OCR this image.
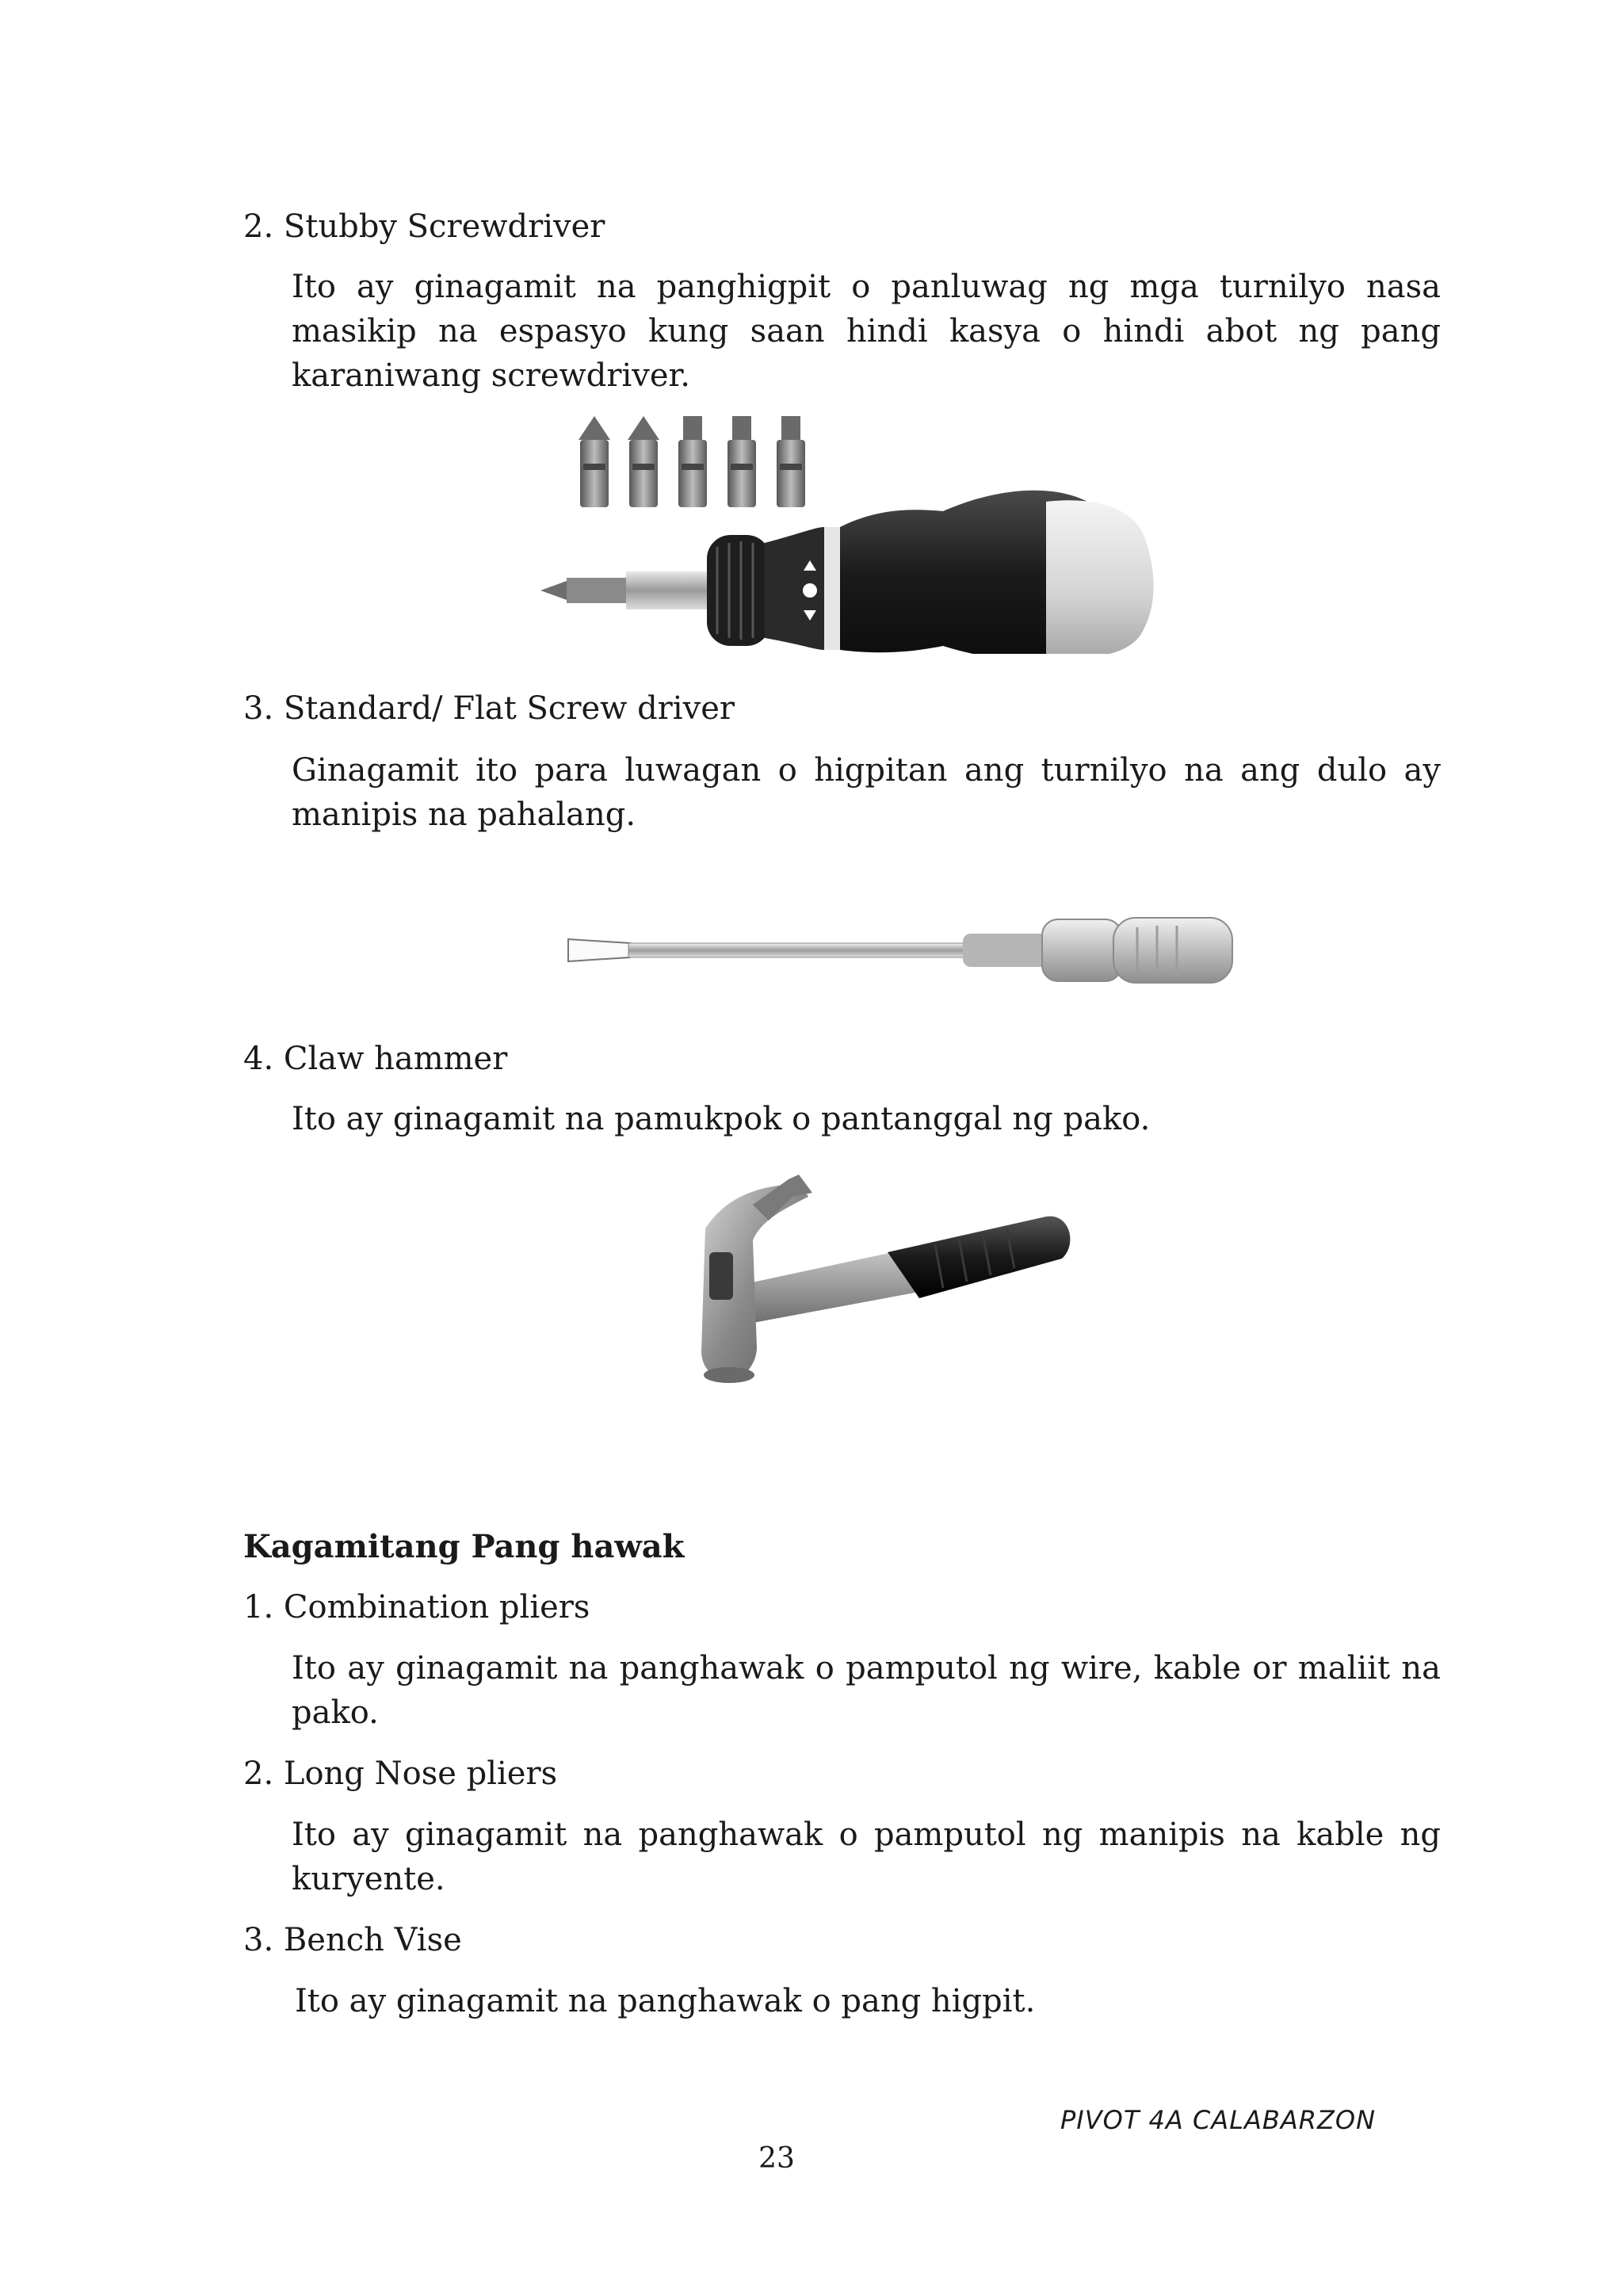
2. Stubby Screwdriver
Ito ay ginagamit na panghigpit o panluwag ng mga turnilyo nasa masikip na espasyo kung saan hindi kasya o hindi abot ng pang karaniwang screwdriver.
3. Standard/ Flat Screw driver
Ginagamit ito para luwagan o higpitan ang turnilyo na ang dulo ay manipis na pahalang.
4. Claw hammer
Ito ay ginagamit na pamukpok o pantanggal ng pako.
Kagamitang Pang hawak
1. Combination pliers
Ito ay ginagamit na panghawak o pamputol ng wire, kable or maliit na pako.
2. Long Nose pliers
Ito ay ginagamit na panghawak o pamputol ng manipis na kable ng kuryente.
3. Bench Vise
Ito ay ginagamit na panghawak o pang higpit.
PIVOT 4A CALABARZON
23
